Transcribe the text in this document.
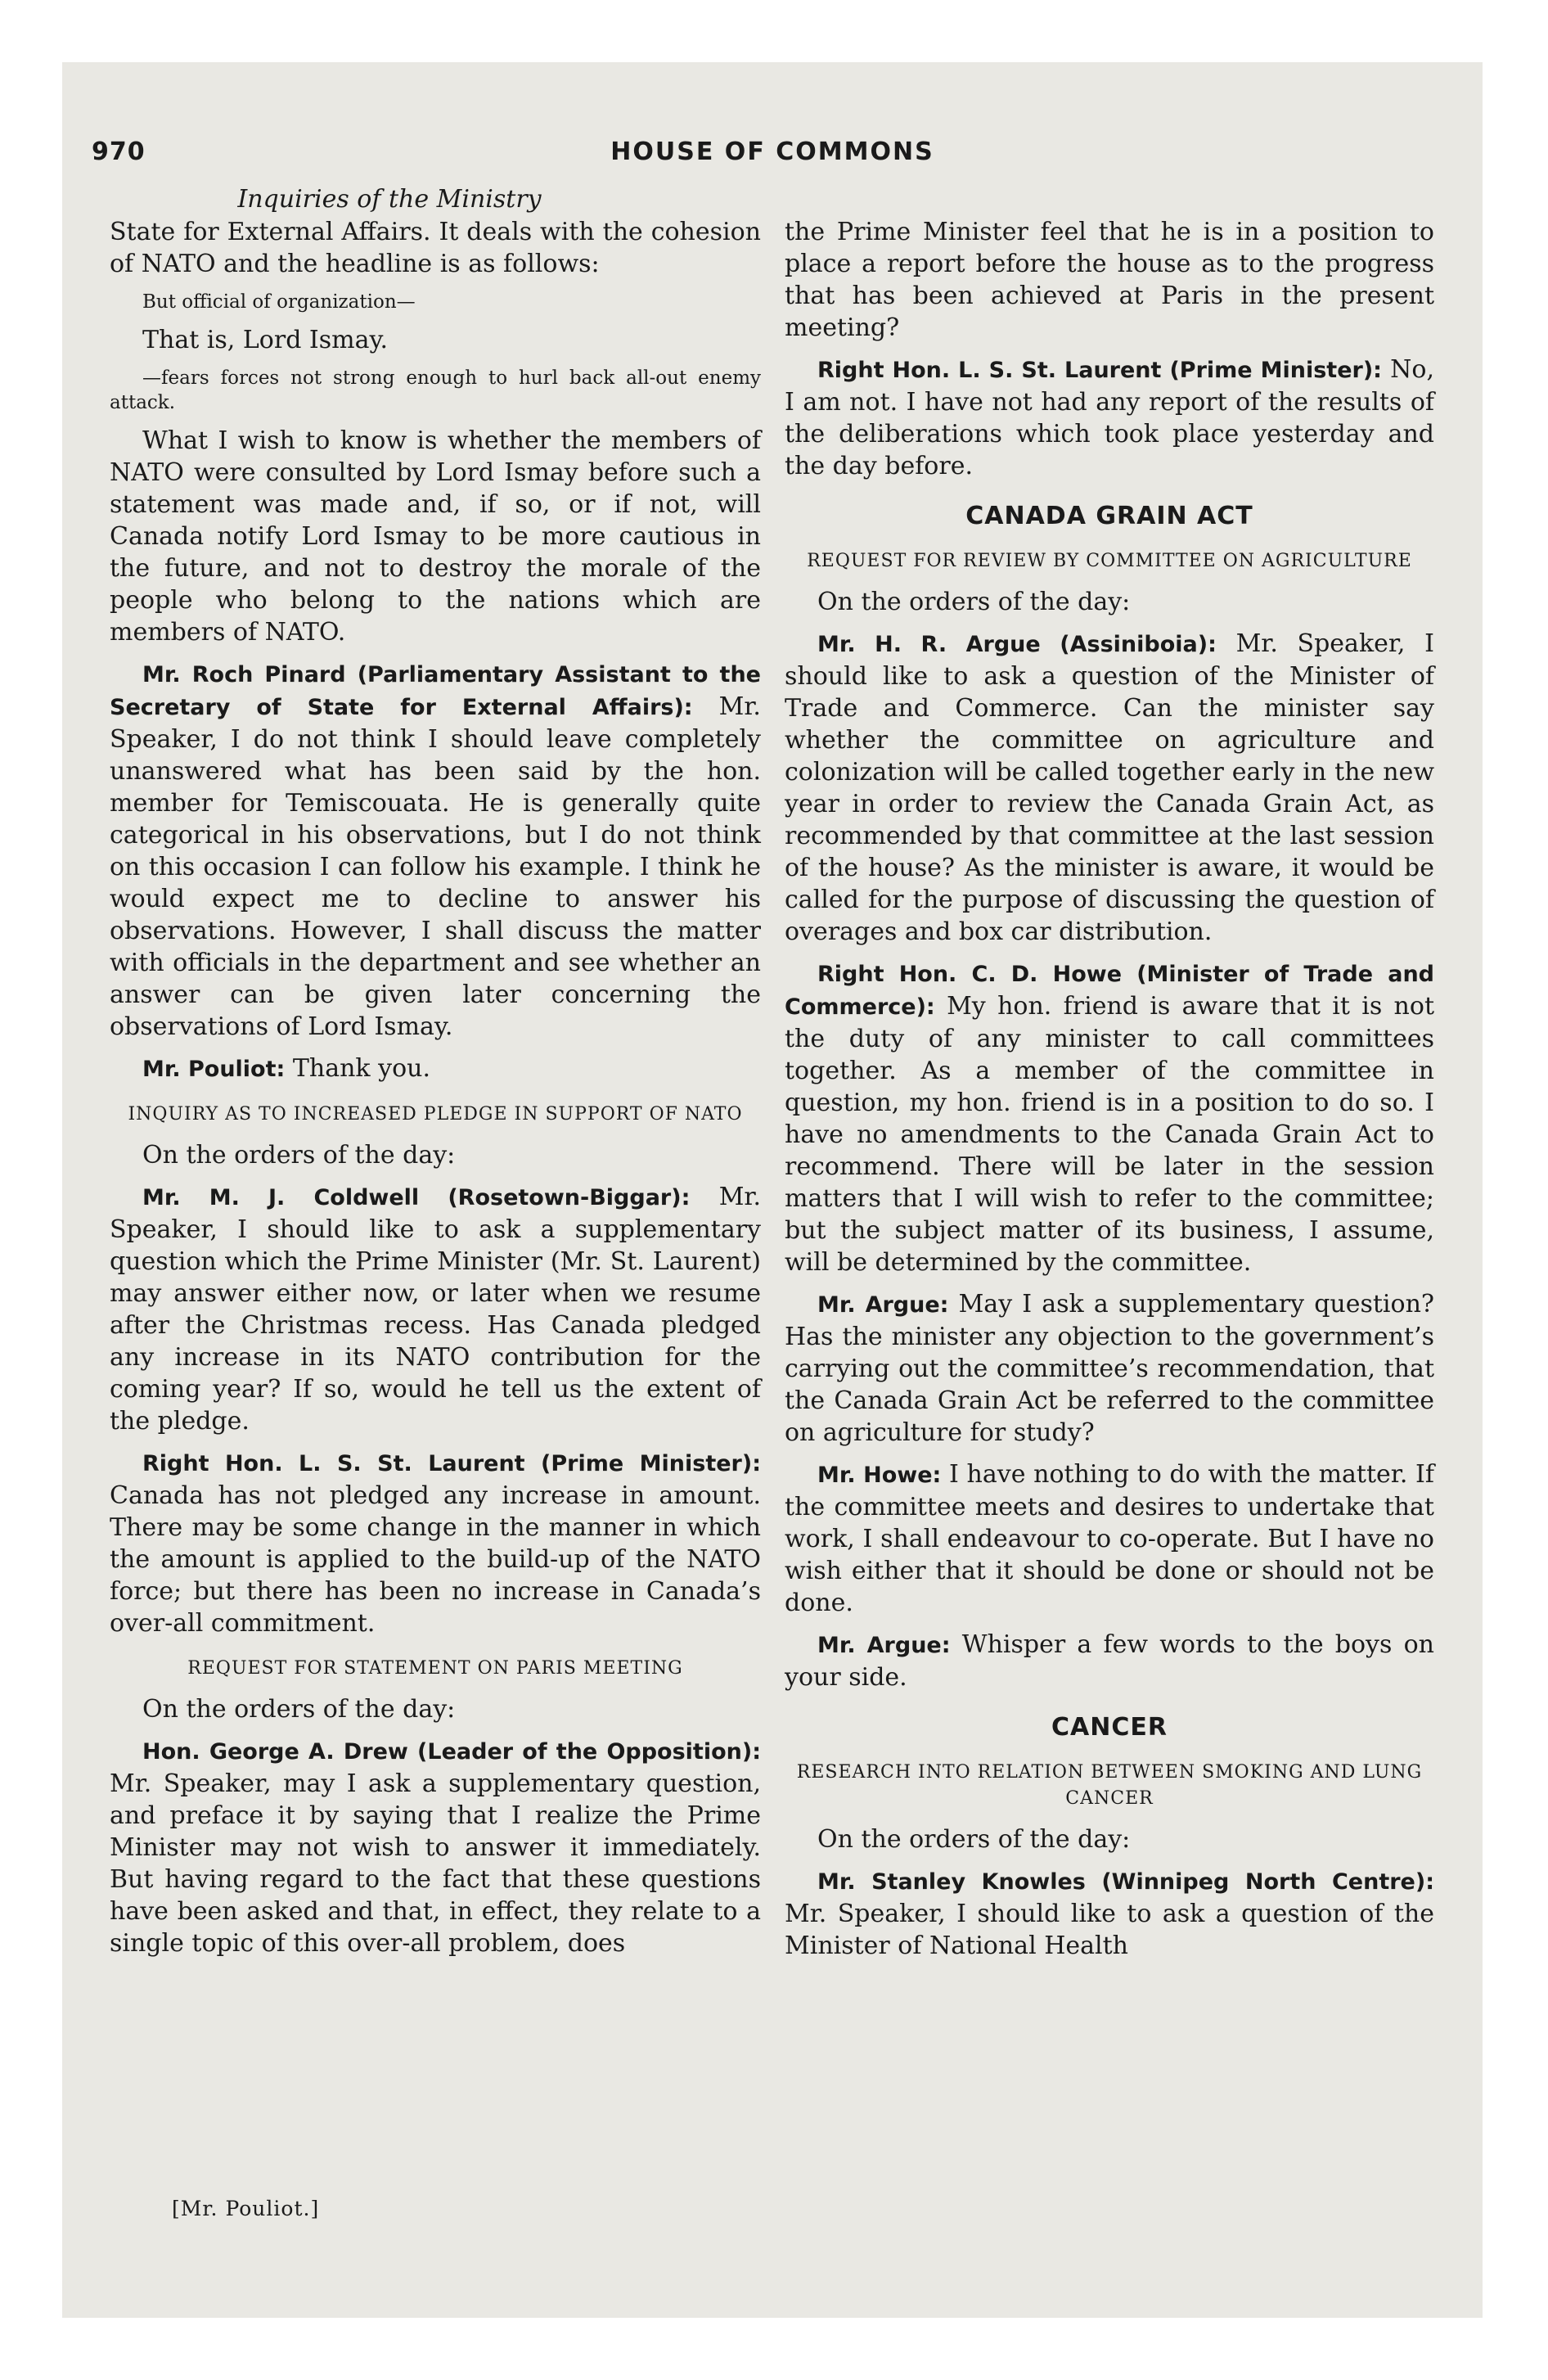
970	HOUSE OF COMMONS
Inquiries of the Ministry

State for External Affairs. It deals with the cohesion of NATO and the headline is as follows:

But official of organization—

That is, Lord Ismay.

—fears forces not strong enough to hurl back all-out enemy attack.

What I wish to know is whether the members of NATO were consulted by Lord Ismay before such a statement was made and, if so, or if not, will Canada notify Lord Ismay to be more cautious in the future, and not to destroy the morale of the people who belong to the nations which are members of NATO.

Mr. Roch Pinard (Parliamentary Assistant to the Secretary of State for External Affairs): Mr. Speaker, I do not think I should leave completely unanswered what has been said by the hon. member for Temiscouata. He is generally quite categorical in his observations, but I do not think on this occasion I can follow his example. I think he would expect me to decline to answer his observations. However, I shall discuss the matter with officials in the department and see whether an answer can be given later concerning the observations of Lord Ismay.

Mr. Pouliot: Thank you.

INQUIRY AS TO INCREASED PLEDGE IN SUPPORT OF NATO

On the orders of the day:

Mr. M. J. Coldwell (Rosetown-Biggar): Mr. Speaker, I should like to ask a supplementary question which the Prime Minister (Mr. St. Laurent) may answer either now, or later when we resume after the Christmas recess. Has Canada pledged any increase in its NATO contribution for the coming year? If so, would he tell us the extent of the pledge.

Right Hon. L. S. St. Laurent (Prime Minister): Canada has not pledged any increase in amount. There may be some change in the manner in which the amount is applied to the build-up of the NATO force; but there has been no increase in Canada’s over-all commitment.

REQUEST FOR STATEMENT ON PARIS MEETING

On the orders of the day:

Hon. George A. Drew (Leader of the Opposition): Mr. Speaker, may I ask a supplementary question, and preface it by saying that I realize the Prime Minister may not wish to answer it immediately. But having regard to the fact that these questions have been asked and that, in effect, they relate to a single topic of this over-all problem, does

the Prime Minister feel that he is in a position to place a report before the house as to the progress that has been achieved at Paris in the present meeting?

Right Hon. L. S. St. Laurent (Prime Minister): No, I am not. I have not had any report of the results of the deliberations which took place yesterday and the day before.

CANADA GRAIN ACT
REQUEST FOR REVIEW BY COMMITTEE ON AGRICULTURE

On the orders of the day:

Mr. H. R. Argue (Assiniboia): Mr. Speaker, I should like to ask a question of the Minister of Trade and Commerce. Can the minister say whether the committee on agriculture and colonization will be called together early in the new year in order to review the Canada Grain Act, as recommended by that committee at the last session of the house? As the minister is aware, it would be called for the purpose of discussing the question of overages and box car distribution.

Right Hon. C. D. Howe (Minister of Trade and Commerce): My hon. friend is aware that it is not the duty of any minister to call committees together. As a member of the committee in question, my hon. friend is in a position to do so. I have no amendments to the Canada Grain Act to recommend. There will be later in the session matters that I will wish to refer to the committee; but the subject matter of its business, I assume, will be determined by the committee.

Mr. Argue: May I ask a supplementary question? Has the minister any objection to the government’s carrying out the committee’s recommendation, that the Canada Grain Act be referred to the committee on agriculture for study?

Mr. Howe: I have nothing to do with the matter. If the committee meets and desires to undertake that work, I shall endeavour to co-operate. But I have no wish either that it should be done or should not be done.

Mr. Argue: Whisper a few words to the boys on your side.

CANCER
RESEARCH INTO RELATION BETWEEN SMOKING AND LUNG CANCER

On the orders of the day:

Mr. Stanley Knowles (Winnipeg North Centre): Mr. Speaker, I should like to ask a question of the Minister of National Health

[Mr. Pouliot.]
